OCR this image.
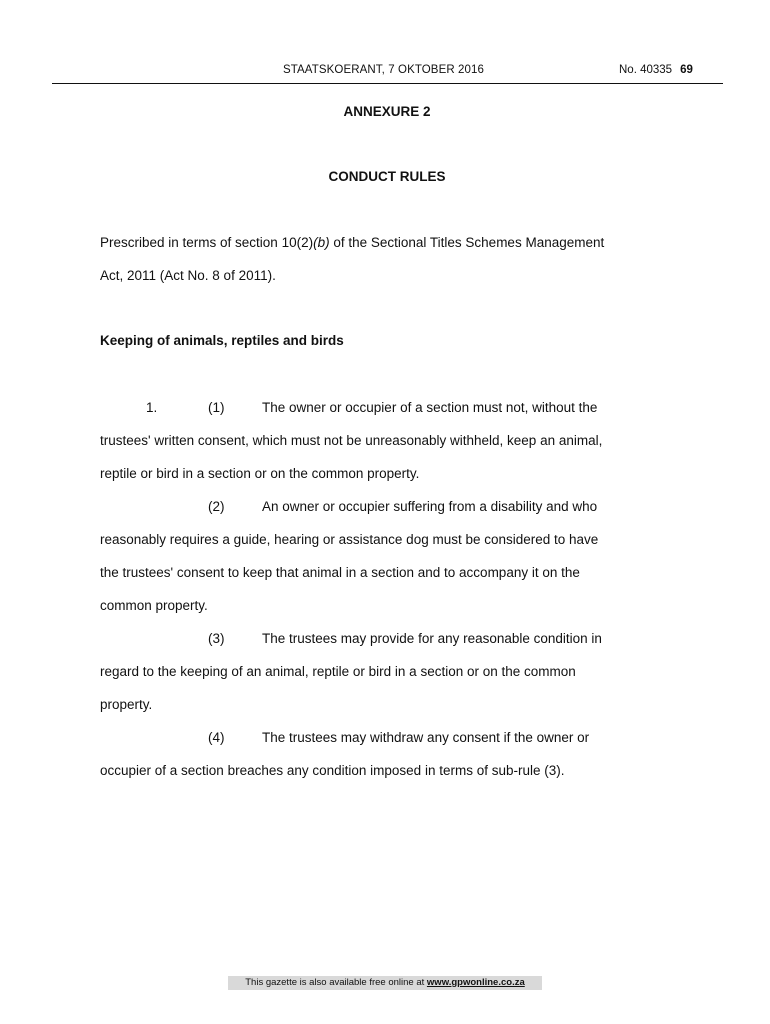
STAATSKOERANT, 7 OKTOBER 2016	No. 40335 69
ANNEXURE 2
CONDUCT RULES
Prescribed in terms of section 10(2)(b) of the Sectional Titles Schemes Management
Act, 2011 (Act No. 8 of 2011).
Keeping of animals, reptiles and birds
1.	(1)	The owner or occupier of a section must not, without the
trustees' written consent, which must not be unreasonably withheld, keep an animal,
reptile or bird in a section or on the common property.
(2)	An owner or occupier suffering from a disability and who
reasonably requires a guide, hearing or assistance dog must be considered to have
the trustees' consent to keep that animal in a section and to accompany it on the
common property.
(3)	The trustees may provide for any reasonable condition in
regard to the keeping of an animal, reptile or bird in a section or on the common
property.
(4)	The trustees may withdraw any consent if the owner or
occupier of a section breaches any condition imposed in terms of sub-rule (3).
This gazette is also available free online at www.gpwonline.co.za
